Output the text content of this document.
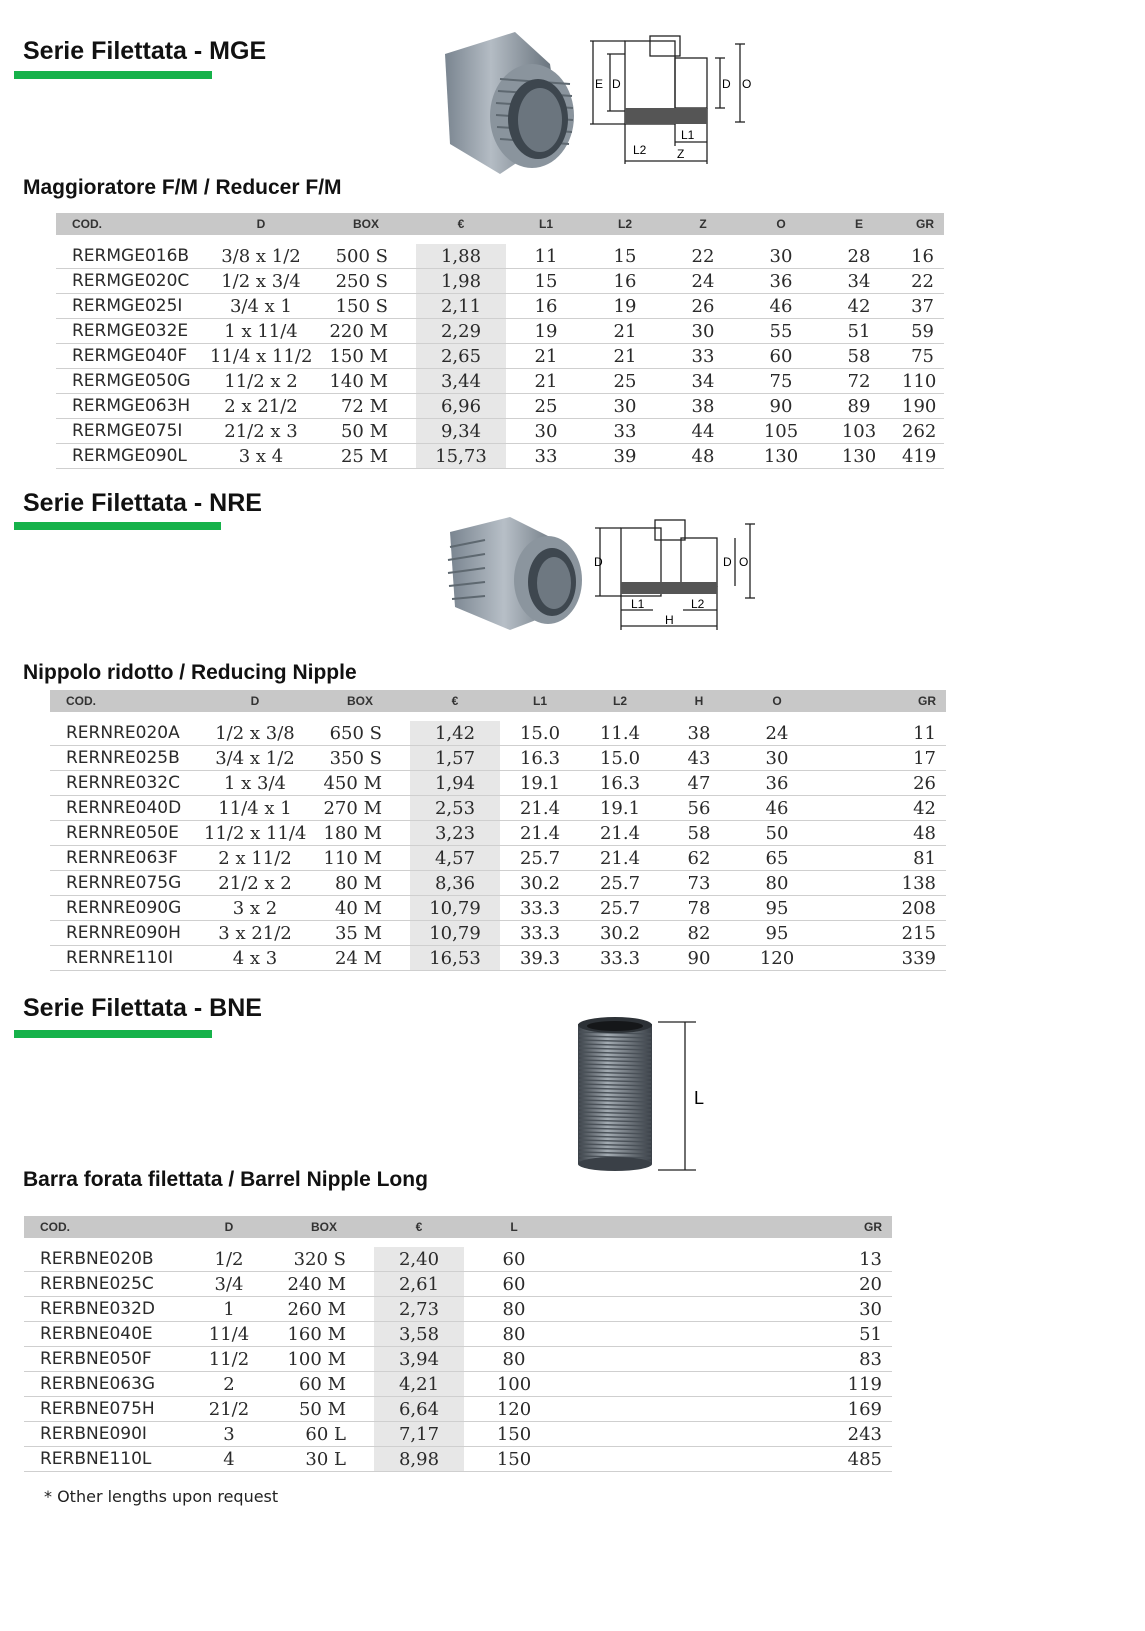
Serie Filettata - MGE
E D	D O
L1
L2	Z
Maggioratore F/M / Reducer F/M
COD.	D	BOX	€	L1	L2	Z	O	E	GR

RERMGE016B	3/8 x 1/2	500 S	1,88	11	15	22	30	28	16
RERMGE020C	1/2 x 3/4	250 S	1,98	15	16	24	36	34	22
RERMGE025I	3/4 x 1	150 S	2,11	16	19	26	46	42	37
RERMGE032E	1 x 11/4	220 M	2,29	19	21	30	55	51	59
RERMGE040F	11/4 x 11/2	150 M	2,65	21	21	33	60	58	75
RERMGE050G	11/2 x 2	140 M	3,44	21	25	34	75	72	110
RERMGE063H	2 x 21/2	72 M	6,96	25	30	38	90	89	190
RERMGE075I	21/2 x 3	50 M	9,34	30	33	44	105	103	262
RERMGE090L	3 x 4	25 M	15,73	33	39	48	130	130	419
Serie Filettata - NRE
D	D O
L1	L2
H
Nippolo ridotto / Reducing Nipple
COD.	D	BOX	€	L1	L2	H	O	GR

RERNRE020A	1/2 x 3/8	650 S	1,42	15.0	11.4	38	24	11
RERNRE025B	3/4 x 1/2	350 S	1,57	16.3	15.0	43	30	17
RERNRE032C	1 x 3/4	450 M	1,94	19.1	16.3	47	36	26
RERNRE040D	11/4 x 1	270 M	2,53	21.4	19.1	56	46	42
RERNRE050E	11/2 x 11/4	180 M	3,23	21.4	21.4	58	50	48
RERNRE063F	2 x 11/2	110 M	4,57	25.7	21.4	62	65	81
RERNRE075G	21/2 x 2	80 M	8,36	30.2	25.7	73	80	138
RERNRE090G	3 x 2	40 M	10,79	33.3	25.7	78	95	208
RERNRE090H	3 x 21/2	35 M	10,79	33.3	30.2	82	95	215
RERNRE110I	4 x 3	24 M	16,53	39.3	33.3	90	120	339
Serie Filettata - BNE
L
Barra forata filettata / Barrel Nipple Long
COD.	D	BOX	€	L	GR

RERBNE020B	1/2	320 S	2,40	60	13
RERBNE025C	3/4	240 M	2,61	60	20
RERBNE032D	1	260 M	2,73	80	30
RERBNE040E	11/4	160 M	3,58	80	51
RERBNE050F	11/2	100 M	3,94	80	83
RERBNE063G	2	60 M	4,21	100	119
RERBNE075H	21/2	50 M	6,64	120	169
RERBNE090I	3	60 L	7,17	150	243
RERBNE110L	4	30 L	8,98	150	485
* Other lengths upon request
